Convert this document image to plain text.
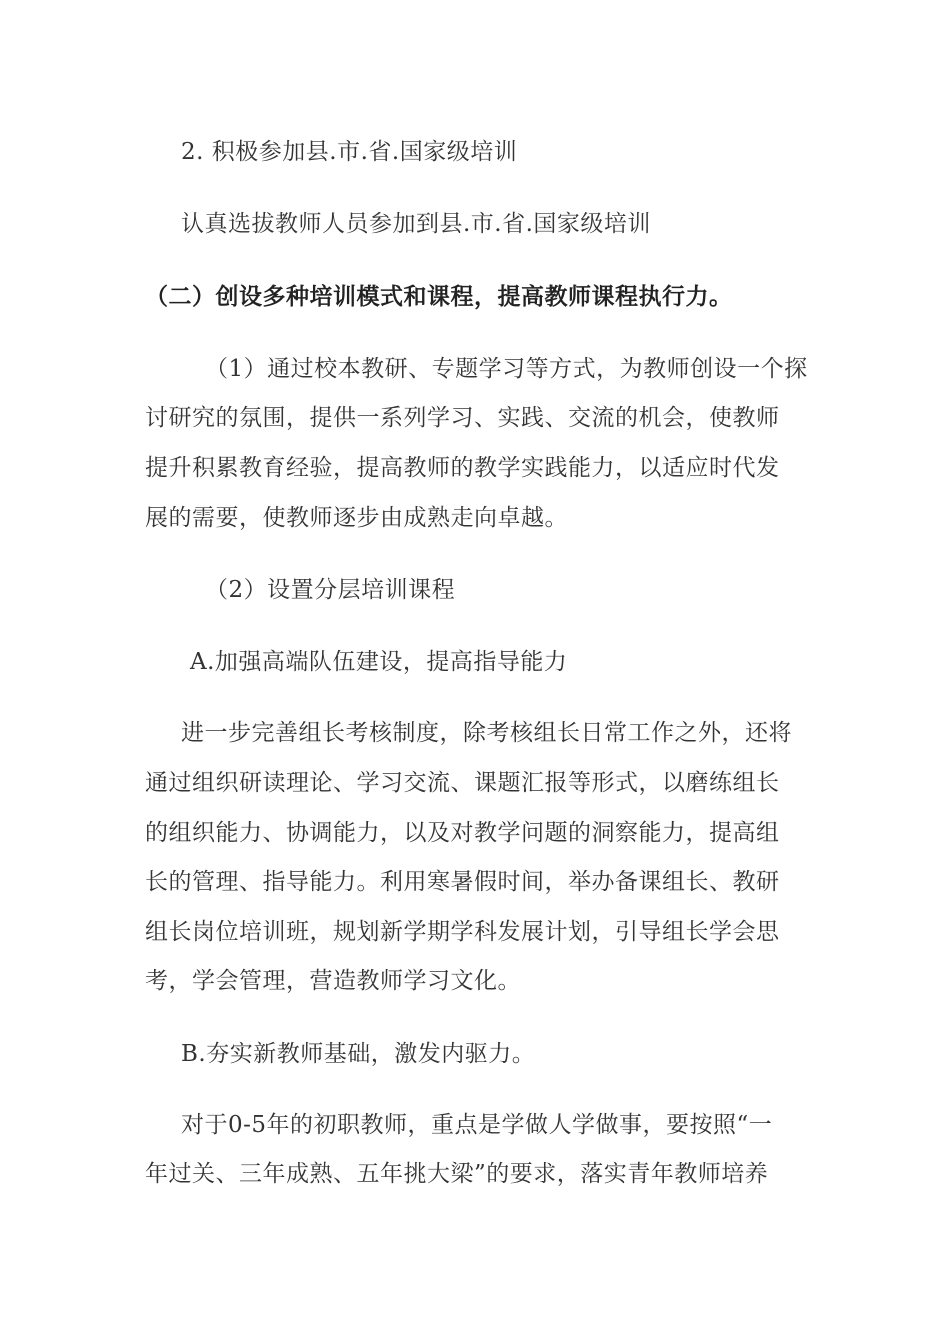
2. 积极参加县.市.省.国家级培训
认真选拔教师人员参加到县.市.省.国家级培训
（二）创设多种培训模式和课程，提高教师课程执行力。
（1）通过校本教研、专题学习等方式，为教师创设一个探
讨研究的氛围，提供一系列学习、实践、交流的机会，使教师
提升积累教育经验，提高教师的教学实践能力，以适应时代发
展的需要，使教师逐步由成熟走向卓越。
（2）设置分层培训课程
A.加强高端队伍建设，提高指导能力
进一步完善组长考核制度，除考核组长日常工作之外，还将
通过组织研读理论、学习交流、课题汇报等形式，以磨练组长
的组织能力、协调能力，以及对教学问题的洞察能力，提高组
长的管理、指导能力。利用寒暑假时间，举办备课组长、教研
组长岗位培训班，规划新学期学科发展计划，引导组长学会思
考，学会管理，营造教师学习文化。
B.夯实新教师基础，激发内驱力。
对于0-5年的初职教师，重点是学做人学做事，要按照“一
年过关、三年成熟、五年挑大梁”的要求，落实青年教师培养
